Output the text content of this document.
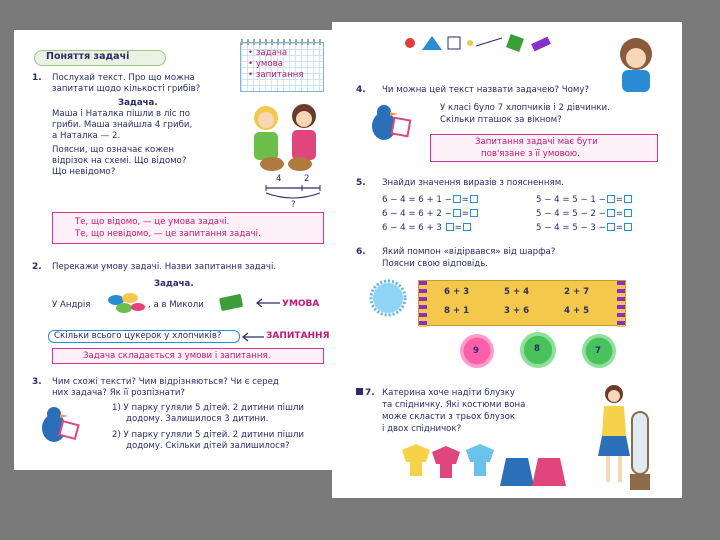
Поняття задачі	• задача
• умова
• запитання
1. Послухай текст. Про що можна
запитати щодо кількості грибів?
Задача.
Маша і Наталка пішли в ліс по
гриби. Маша знайшла 4 гриби,
а Наталка — 2.
Поясни, що означає кожен
відрізок на схемі. Що відомо?
Що невідомо?
4	2
?
Те, що відомо, — це умова задачі.
Те, що невідомо, — це запитання задачі.
2. Перекажи умову задачі. Назви запитання задачі.
Задача.
У Андрія	, а в Миколи	УМОВА
Скільки всього цукерок у хлопчиків?	ЗАПИТАННЯ
Задача складається з умови і запитання.
3. Чим схожі тексти? Чим відрізняються? Чи є серед
них задача? Як її розпізнати?
1) У парку гуляли 5 дітей. 2 дитини пішли
додому. Залишилося 3 дитини.
2) У парку гуляли 5 дітей. 2 дитини пішли
додому. Скільки дітей залишилося?
4. Чи можна цей текст назвати задачею? Чому?
У класі було 7 хлопчиків і 2 дівчинки.
Скільки пташок за вікном?
Запитання задачі має бути
пов'язане з її умовою.
5. Знайди значення виразів з поясненням.
6 − 4 = 6 + 1 − =
6 − 4 = 6 + 2 − =
6 − 4 = 6 + 3 =
5 − 4 = 5 − 1 − =
5 − 4 = 5 − 2 − =
5 − 4 = 5 − 3 − =
6. Який помпон «відірвався» від шарфа?
Поясни свою відповідь.
6 + 3	5 + 4	2 + 7
8 + 1	3 + 6	4 + 5
9	8	7
7. Катерина хоче надіти блузку
та спідничку. Які костюми вона
може скласти з трьох блузок
і двох спідничок?
